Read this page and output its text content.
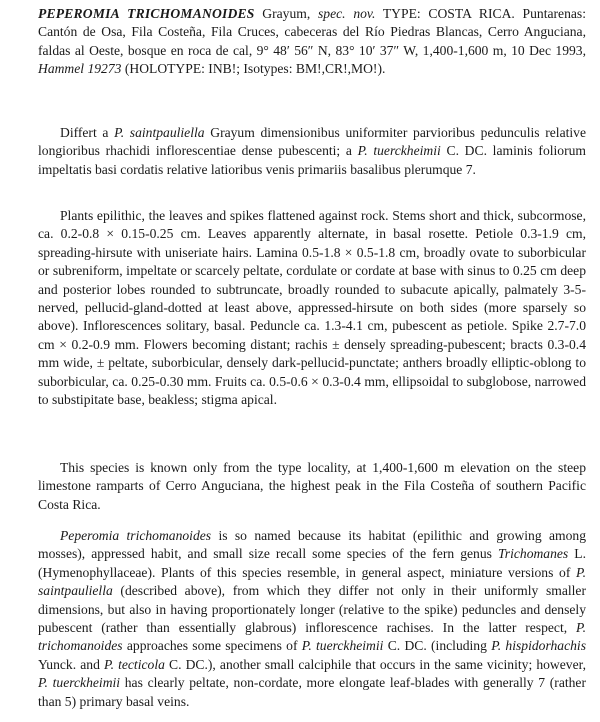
PEPEROMIA TRICHOMANOIDES Grayum, spec. nov. TYPE: COSTA RICA. Puntarenas: Cantón de Osa, Fila Costeña, Fila Cruces, cabeceras del Río Piedras Blancas, Cerro Anguciana, faldas al Oeste, bosque en roca de cal, 9° 48′ 56″ N, 83° 10′ 37″ W, 1,400-1,600 m, 10 Dec 1993, Hammel 19273 (HOLOTYPE: INB!; Isotypes: BM!,CR!,MO!).

Differt a P. saintpauliella Grayum dimensionibus uniformiter parvioribus pedunculis relative longioribus rhachidi inflorescentiae dense pubescenti; a P. tuerckheimii C. DC. laminis foliorum impeltatis basi cordatis relative latioribus venis primariis basalibus plerumque 7.

Plants epilithic, the leaves and spikes flattened against rock. Stems short and thick, subcormose, ca. 0.2-0.8 × 0.15-0.25 cm. Leaves apparently alternate, in basal rosette. Petiole 0.3-1.9 cm, spreading-hirsute with uniseriate hairs. Lamina 0.5-1.8 × 0.5-1.8 cm, broadly ovate to suborbicular or subreniform, impeltate or scarcely peltate, cordulate or cordate at base with sinus to 0.25 cm deep and posterior lobes rounded to subtruncate, broadly rounded to subacute apically, palmately 3-5-nerved, pellucid-gland-dotted at least above, appressed-hirsute on both sides (more sparsely so above). Inflorescences solitary, basal. Peduncle ca. 1.3-4.1 cm, pubescent as petiole. Spike 2.7-7.0 cm × 0.2-0.9 mm. Flowers becoming distant; rachis ± densely spreading-pubescent; bracts 0.3-0.4 mm wide, ± peltate, suborbicular, densely dark-pellucid-punctate; anthers broadly elliptic-oblong to suborbicular, ca. 0.25-0.30 mm. Fruits ca. 0.5-0.6 × 0.3-0.4 mm, ellipsoidal to subglobose, narrowed to substipitate base, beakless; stigma apical.

This species is known only from the type locality, at 1,400-1,600 m elevation on the steep limestone ramparts of Cerro Anguciana, the highest peak in the Fila Costeña of southern Pacific Costa Rica.

Peperomia trichomanoides is so named because its habitat (epilithic and growing among mosses), appressed habit, and small size recall some species of the fern genus Trichomanes L. (Hymenophyllaceae). Plants of this species resemble, in general aspect, miniature versions of P. saintpauliella (described above), from which they differ not only in their uniformly smaller dimensions, but also in having proportionately longer (relative to the spike) peduncles and densely pubescent (rather than essentially glabrous) inflorescence rachises. In the latter respect, P. trichomanoides approaches some specimens of P. tuerckheimii C. DC. (including P. hispidorhachis Yunck. and P. tecticola C. DC.), another small calciphile that occurs in the same vicinity; however, P. tuerckheimii has clearly peltate, non-cordate, more elongate leaf-blades with generally 7 (rather than 5) primary basal veins.
